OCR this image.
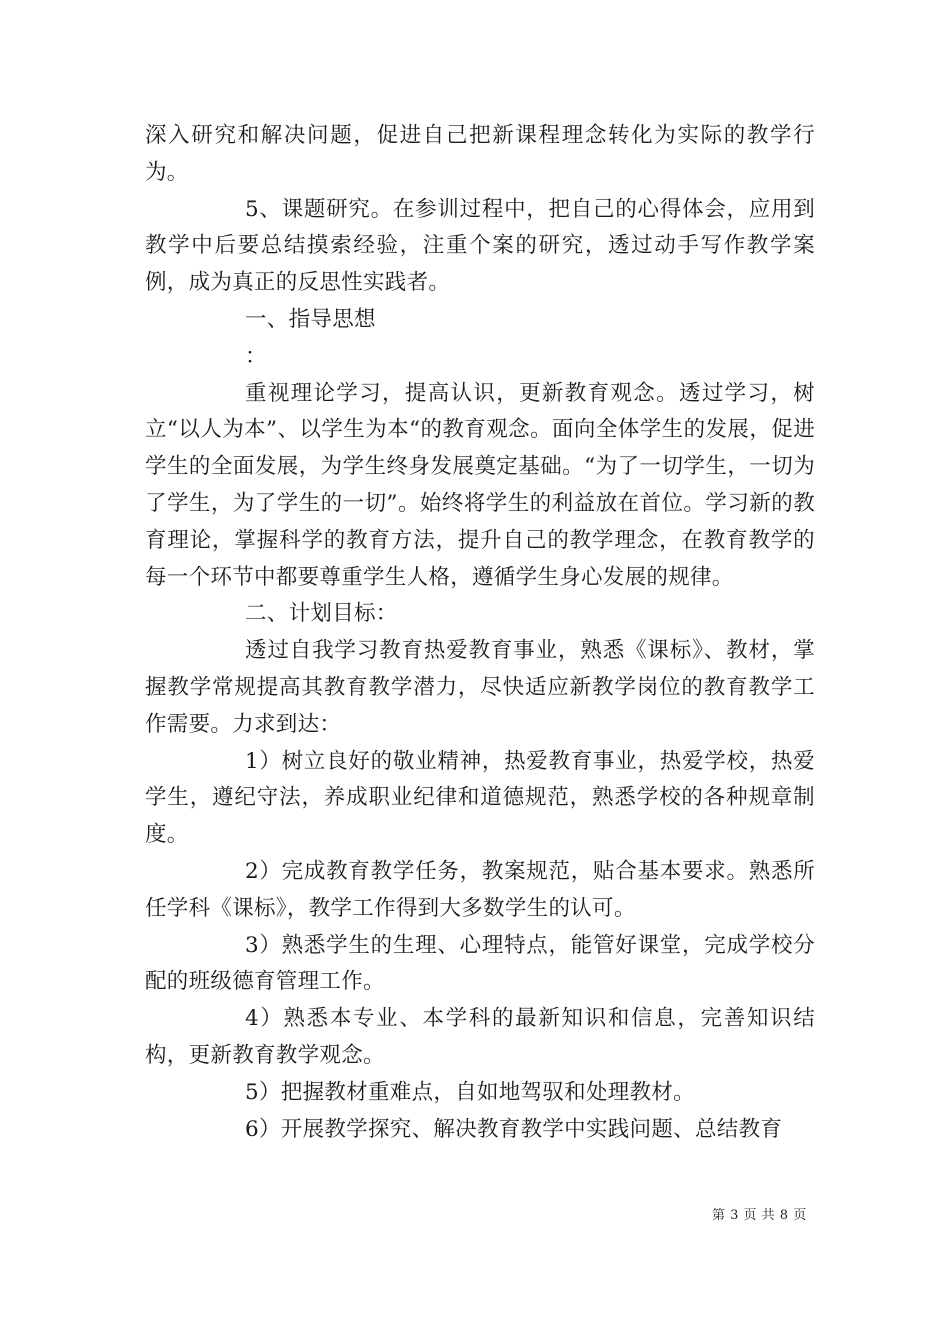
深入研究和解决问题，促进自己把新课程理念转化为实际的教学行为。

5、课题研究。在参训过程中，把自己的心得体会，应用到教学中后要总结摸索经验，注重个案的研究，透过动手写作教学案例，成为真正的反思性实践者。

一、指导思想

：

重视理论学习，提高认识，更新教育观念。透过学习，树立“以人为本”、以学生为本“的教育观念。面向全体学生的发展，促进学生的全面发展，为学生终身发展奠定基础。“为了一切学生，一切为了学生，为了学生的一切”。始终将学生的利益放在首位。学习新的教育理论，掌握科学的教育方法，提升自己的教学理念，在教育教学的每一个环节中都要尊重学生人格，遵循学生身心发展的规律。

二、计划目标：

透过自我学习教育热爱教育事业，熟悉《课标》、教材，掌握教学常规提高其教育教学潜力，尽快适应新教学岗位的教育教学工作需要。力求到达：

1）树立良好的敬业精神，热爱教育事业，热爱学校，热爱学生，遵纪守法，养成职业纪律和道德规范，熟悉学校的各种规章制度。

2）完成教育教学任务，教案规范，贴合基本要求。熟悉所任学科《课标》，教学工作得到大多数学生的认可。

3）熟悉学生的生理、心理特点，能管好课堂，完成学校分配的班级德育管理工作。

4）熟悉本专业、本学科的最新知识和信息，完善知识结构，更新教育教学观念。

5）把握教材重难点，自如地驾驭和处理教材。

6）开展教学探究、解决教育教学中实践问题、总结教育

第 3 页 共 8 页
